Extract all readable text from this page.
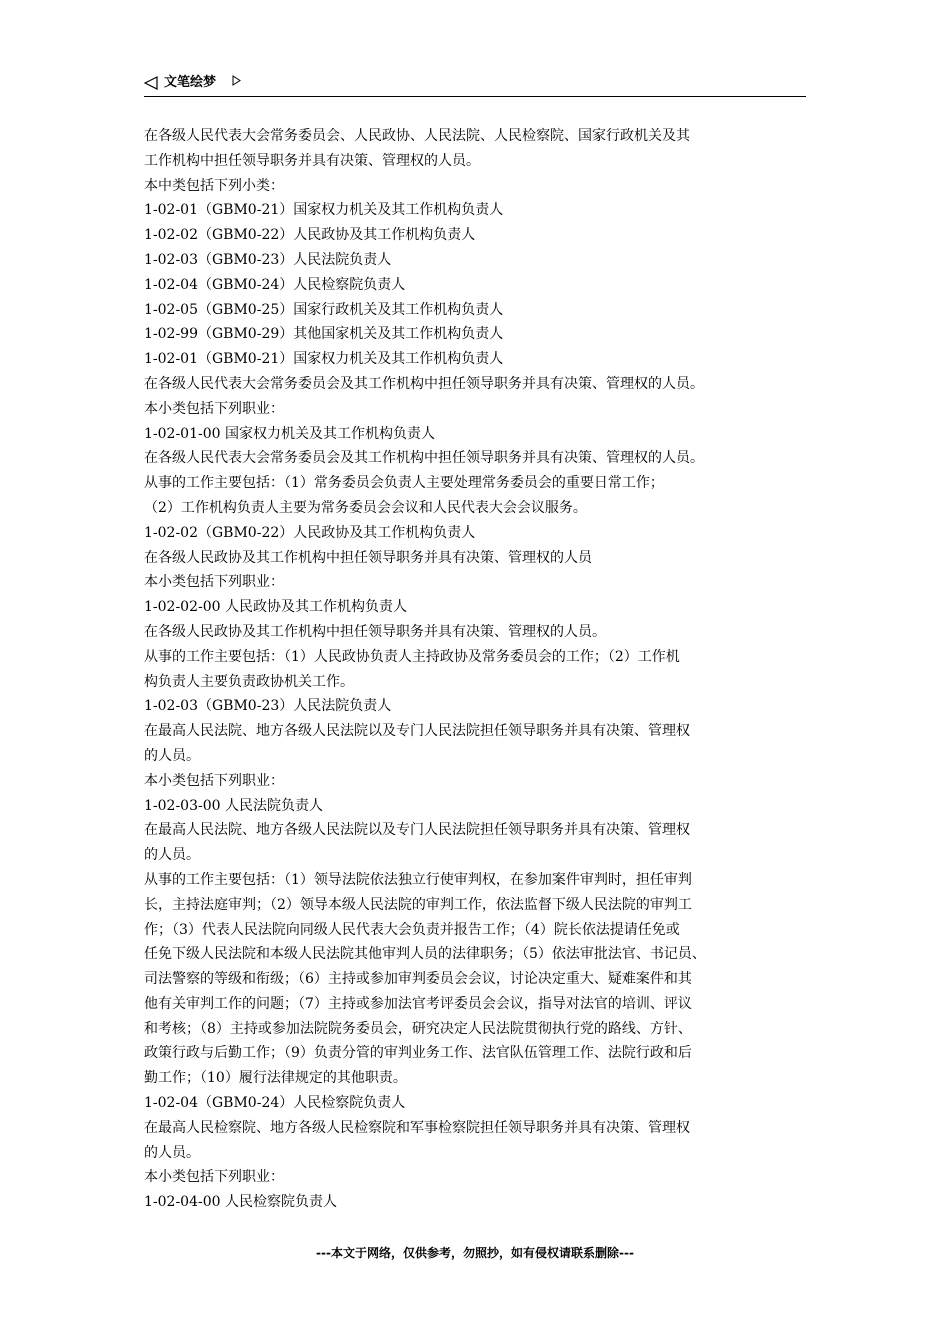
文笔绘梦

在各级人民代表大会常务委员会、人民政协、人民法院、人民检察院、国家行政机关及其

工作机构中担任领导职务并具有决策、管理权的人员。

本中类包括下列小类：

1-02-01（GBM0-21）国家权力机关及其工作机构负责人

1-02-02（GBM0-22）人民政协及其工作机构负责人

1-02-03（GBM0-23）人民法院负责人

1-02-04（GBM0-24）人民检察院负责人

1-02-05（GBM0-25）国家行政机关及其工作机构负责人

1-02-99（GBM0-29）其他国家机关及其工作机构负责人

1-02-01（GBM0-21）国家权力机关及其工作机构负责人

在各级人民代表大会常务委员会及其工作机构中担任领导职务并具有决策、管理权的人员。

本小类包括下列职业：

1-02-01-00 国家权力机关及其工作机构负责人

在各级人民代表大会常务委员会及其工作机构中担任领导职务并具有决策、管理权的人员。

从事的工作主要包括：（1）常务委员会负责人主要处理常务委员会的重要日常工作；

（2）工作机构负责人主要为常务委员会会议和人民代表大会会议服务。

1-02-02（GBM0-22）人民政协及其工作机构负责人

在各级人民政协及其工作机构中担任领导职务并具有决策、管理权的人员

本小类包括下列职业：

1-02-02-00 人民政协及其工作机构负责人

在各级人民政协及其工作机构中担任领导职务并具有决策、管理权的人员。

从事的工作主要包括：（1）人民政协负责人主持政协及常务委员会的工作；（2）工作机

构负责人主要负责政协机关工作。

1-02-03（GBM0-23）人民法院负责人

在最高人民法院、地方各级人民法院以及专门人民法院担任领导职务并具有决策、管理权

的人员。

本小类包括下列职业：

1-02-03-00 人民法院负责人

在最高人民法院、地方各级人民法院以及专门人民法院担任领导职务并具有决策、管理权

的人员。

从事的工作主要包括：（1）领导法院依法独立行使审判权，在参加案件审判时，担任审判

长，主持法庭审判；（2）领导本级人民法院的审判工作，依法监督下级人民法院的审判工

作；（3）代表人民法院向同级人民代表大会负责并报告工作；（4）院长依法提请任免或

任免下级人民法院和本级人民法院其他审判人员的法律职务；（5）依法审批法官、书记员、

司法警察的等级和衔级；（6）主持或参加审判委员会会议，讨论决定重大、疑难案件和其

他有关审判工作的问题；（7）主持或参加法官考评委员会会议，指导对法官的培训、评议

和考核；（8）主持或参加法院院务委员会，研究决定人民法院贯彻执行党的路线、方针、

政策行政与后勤工作；（9）负责分管的审判业务工作、法官队伍管理工作、法院行政和后

勤工作；（10）履行法律规定的其他职责。

1-02-04（GBM0-24）人民检察院负责人

在最高人民检察院、地方各级人民检察院和军事检察院担任领导职务并具有决策、管理权

的人员。

本小类包括下列职业：

1-02-04-00 人民检察院负责人

---本文于网络，仅供参考，勿照抄，如有侵权请联系删除---
